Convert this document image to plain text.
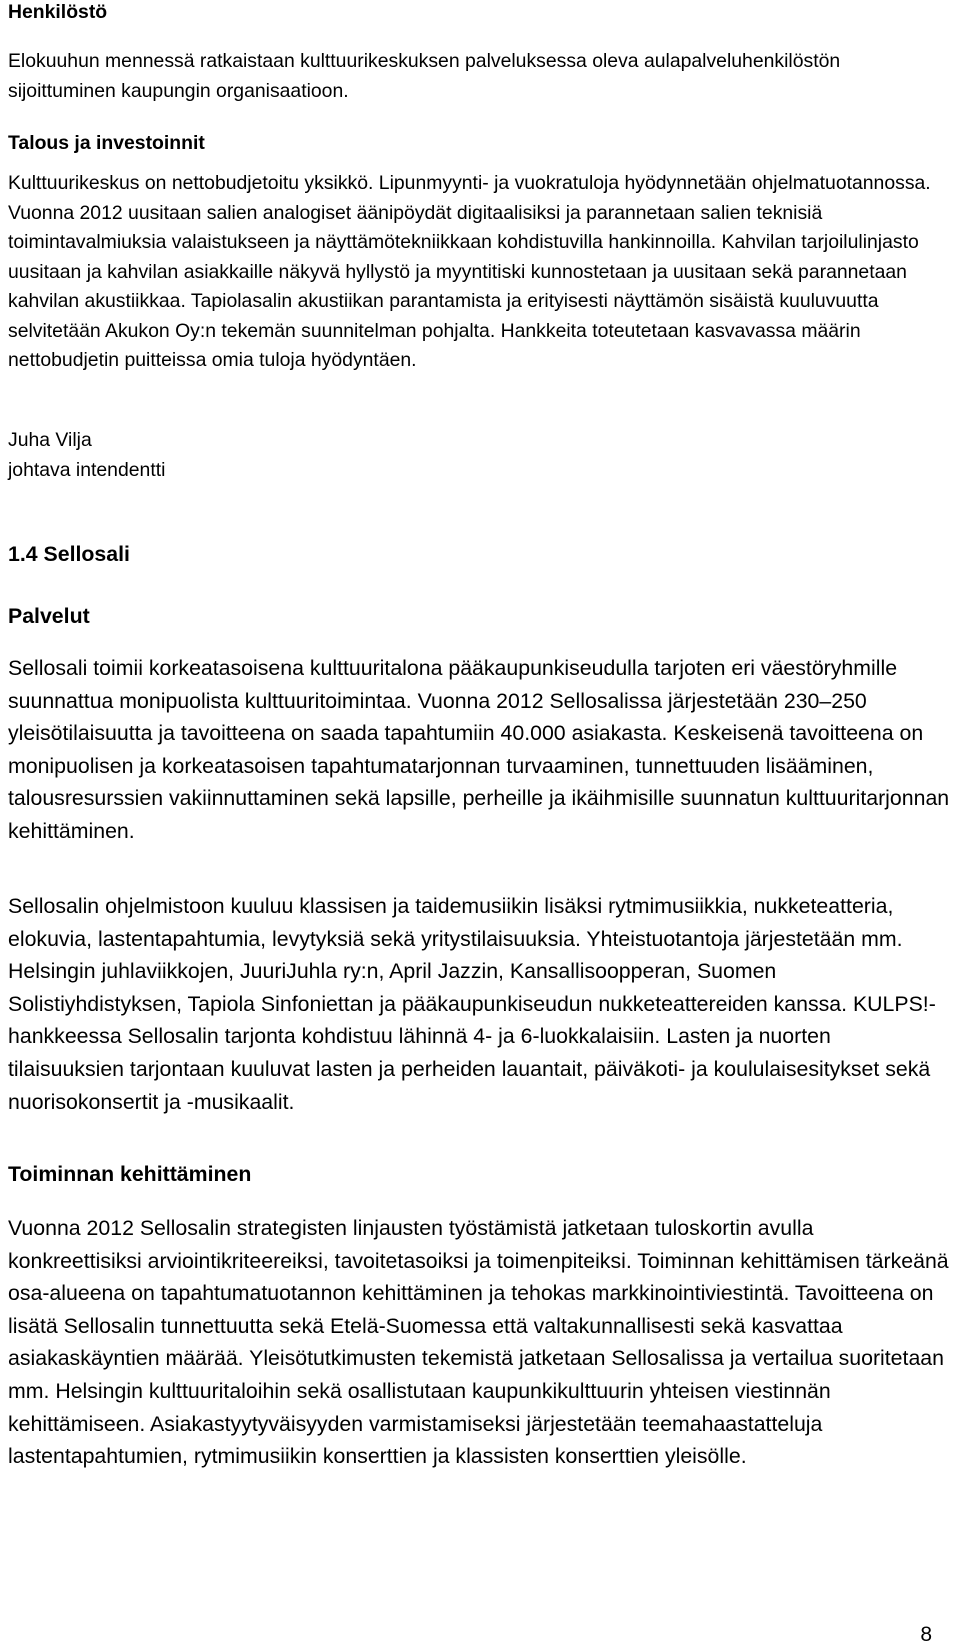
Henkilöstö

Elokuuhun mennessä ratkaistaan kulttuurikeskuksen palveluksessa oleva aulapalveluhenkilöstön sijoittuminen kaupungin organisaatioon.

Talous ja investoinnit

Kulttuurikeskus on nettobudjetoitu yksikkö. Lipunmyynti- ja vuokratuloja hyödynnetään ohjelmatuotannossa. Vuonna 2012 uusitaan salien analogiset äänipöydät digitaalisiksi ja parannetaan salien teknisiä toimintavalmiuksia valaistukseen ja näyttämötekniikkaan kohdistuvilla hankinnoilla. Kahvilan tarjoilulinjasto uusitaan ja kahvilan asiakkaille näkyvä hyllystö ja myyntitiski kunnostetaan ja uusitaan sekä parannetaan kahvilan akustiikkaa. Tapiolasalin akustiikan parantamista ja erityisesti näyttämön sisäistä kuuluvuutta selvitetään Akukon Oy:n tekemän suunnitelman pohjalta. Hankkeita toteutetaan kasvavassa määrin nettobudjetin puitteissa omia tuloja hyödyntäen.

Juha Vilja

johtava intendentti

1.4 Sellosali
Palvelut

Sellosali toimii korkeatasoisena kulttuuritalona pääkaupunkiseudulla tarjoten eri väestöryhmille suunnattua monipuolista kulttuuritoimintaa. Vuonna 2012 Sellosalissa järjestetään 230–250 yleisötilaisuutta ja tavoitteena on saada tapahtumiin 40.000 asiakasta. Keskeisenä tavoitteena on monipuolisen ja korkeatasoisen tapahtumatarjonnan turvaaminen, tunnettuuden lisääminen, talousresurssien vakiinnuttaminen sekä lapsille, perheille ja ikäihmisille suunnatun kulttuuritarjonnan kehittäminen.

Sellosalin ohjelmistoon kuuluu klassisen ja taidemusiikin lisäksi rytmimusiikkia, nukketeatteria, elokuvia, lastentapahtumia, levytyksiä sekä yritystilaisuuksia. Yhteistuotantoja järjestetään mm. Helsingin juhlaviikkojen, JuuriJuhla ry:n, April Jazzin, Kansallisoopperan, Suomen Solistiyhdistyksen, Tapiola Sinfoniettan ja pääkaupunkiseudun nukketeattereiden kanssa. KULPS!-hankkeessa Sellosalin tarjonta kohdistuu lähinnä 4- ja 6-luokkalaisiin. Lasten ja nuorten tilaisuuksien tarjontaan kuuluvat lasten ja perheiden lauantait, päiväkoti- ja koululaisesitykset sekä nuorisokonsertit ja -musikaalit.

Toiminnan kehittäminen

Vuonna 2012 Sellosalin strategisten linjausten työstämistä jatketaan tuloskortin avulla konkreettisiksi arviointikriteereiksi, tavoitetasoiksi ja toimenpiteiksi. Toiminnan kehittämisen tärkeänä osa-alueena on tapahtumatuotannon kehittäminen ja tehokas markkinointiviestintä. Tavoitteena on lisätä Sellosalin tunnettuutta sekä Etelä-Suomessa että valtakunnallisesti sekä kasvattaa asiakaskäyntien määrää. Yleisötutkimusten tekemistä jatketaan Sellosalissa ja vertailua suoritetaan mm. Helsingin kulttuuritaloihin sekä osallistutaan kaupunkikulttuurin yhteisen viestinnän kehittämiseen. Asiakastyytyväisyyden varmistamiseksi järjestetään teemahaastatteluja lastentapahtumien, rytmimusiikin konserttien ja klassisten konserttien yleisölle.

8
